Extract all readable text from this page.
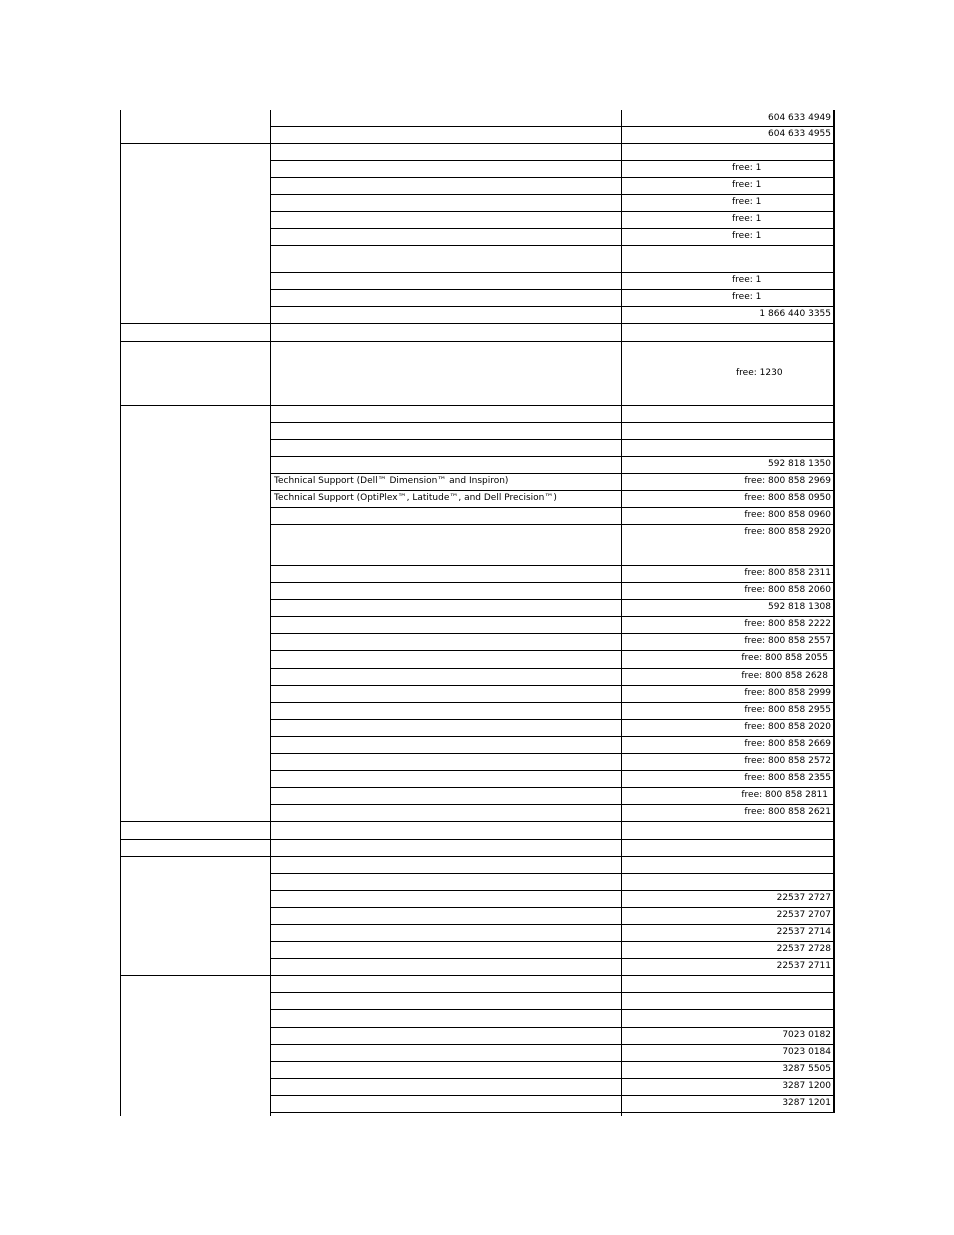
604 633 4949
604 633 4955
free: 1
free: 1
free: 1
free: 1
free: 1
free: 1
free: 1
1 866 440 3355
free: 1230
592 818 1350
Technical Support (Dell™ Dimension™ and Inspiron)	free: 800 858 2969
Technical Support (OptiPlex™, Latitude™, and Dell Precision™)	free: 800 858 0950
free: 800 858 0960
free: 800 858 2920
free: 800 858 2311
free: 800 858 2060
592 818 1308
free: 800 858 2222
free: 800 858 2557
free: 800 858 2055
free: 800 858 2628
free: 800 858 2999
free: 800 858 2955
free: 800 858 2020
free: 800 858 2669
free: 800 858 2572
free: 800 858 2355
free: 800 858 2811
free: 800 858 2621
22537 2727
22537 2707
22537 2714
22537 2728
22537 2711
7023 0182
7023 0184
3287 5505
3287 1200
3287 1201
